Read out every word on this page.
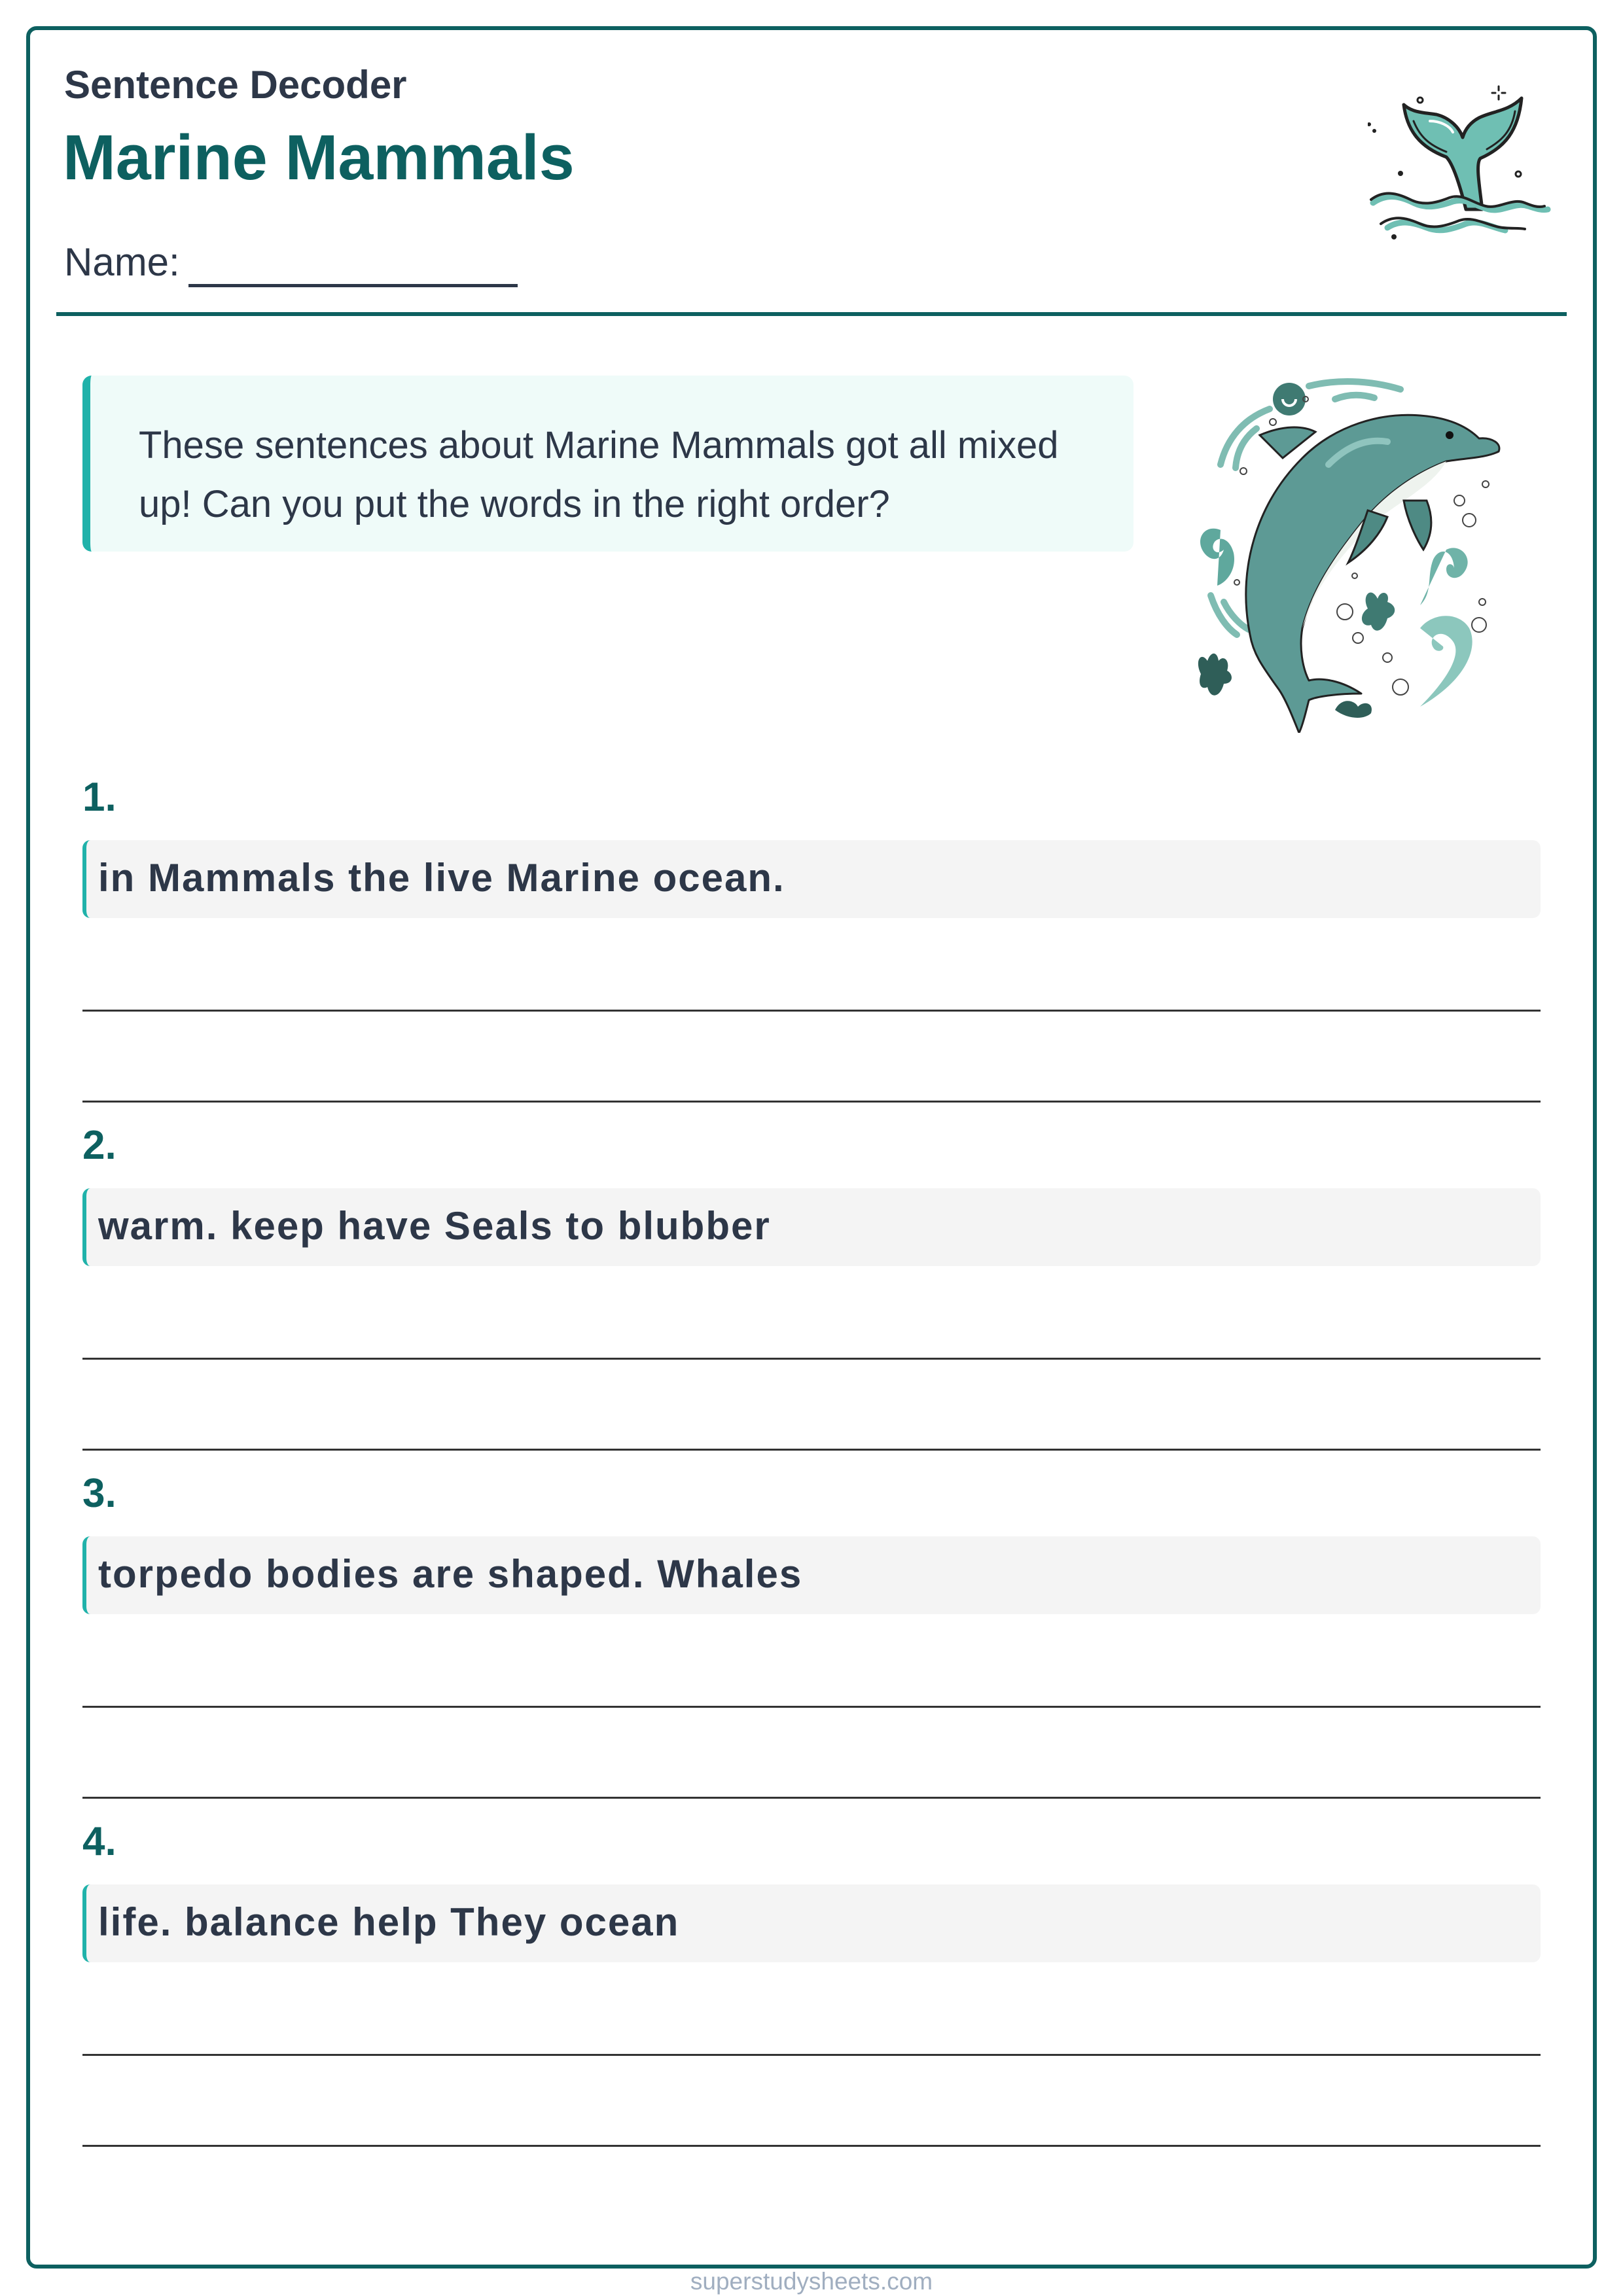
Sentence Decoder
Marine Mammals
Name:
These sentences about Marine Mammals got all mixed up! Can you put the words in the right order?
1.
in Mammals the live Marine ocean.
2.
warm. keep have Seals to blubber
3.
torpedo bodies are shaped. Whales
4.
life. balance help They ocean
superstudysheets.com
